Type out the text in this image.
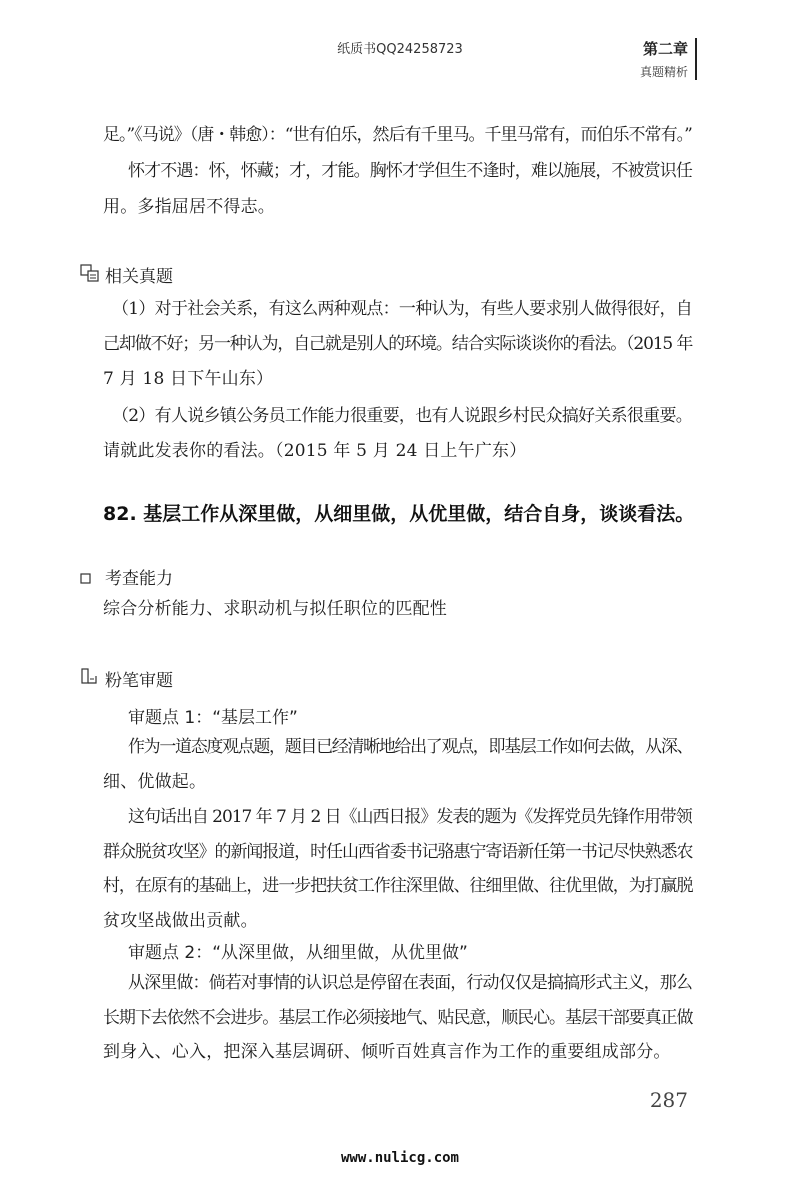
纸质书QQ24258723	第二章
真题精析
足。”《马说》（唐・韩愈）：“世有伯乐，然后有千里马。千里马常有，而伯乐不常有。”
怀才不遇：怀，怀藏；才，才能。胸怀才学但生不逢时，难以施展，不被赏识任
用。多指屈居不得志。
相关真题
（1）对于社会关系，有这么两种观点：一种认为，有些人要求别人做得很好，自
己却做不好；另一种认为，自己就是别人的环境。结合实际谈谈你的看法。（2015 年
7 月 18 日下午山东）
（2）有人说乡镇公务员工作能力很重要，也有人说跟乡村民众搞好关系很重要。
请就此发表你的看法。（2015 年 5 月 24 日上午广东）
82. 基层工作从深里做，从细里做，从优里做，结合自身，谈谈看法。
考查能力
综合分析能力、求职动机与拟任职位的匹配性
粉笔审题
审题点 1：“基层工作”
作为一道态度观点题，题目已经清晰地给出了观点，即基层工作如何去做，从深、
细、优做起。
这句话出自 2017 年 7 月 2 日《山西日报》发表的题为《发挥党员先锋作用带领
群众脱贫攻坚》的新闻报道，时任山西省委书记骆惠宁寄语新任第一书记尽快熟悉农
村，在原有的基础上，进一步把扶贫工作往深里做、往细里做、往优里做，为打赢脱
贫攻坚战做出贡献。
审题点 2：“从深里做，从细里做，从优里做”
从深里做：倘若对事情的认识总是停留在表面，行动仅仅是搞搞形式主义，那么
长期下去依然不会进步。基层工作必须接地气、贴民意，顺民心。基层干部要真正做
到身入、心入，把深入基层调研、倾听百姓真言作为工作的重要组成部分。
287
www.nulicg.com
